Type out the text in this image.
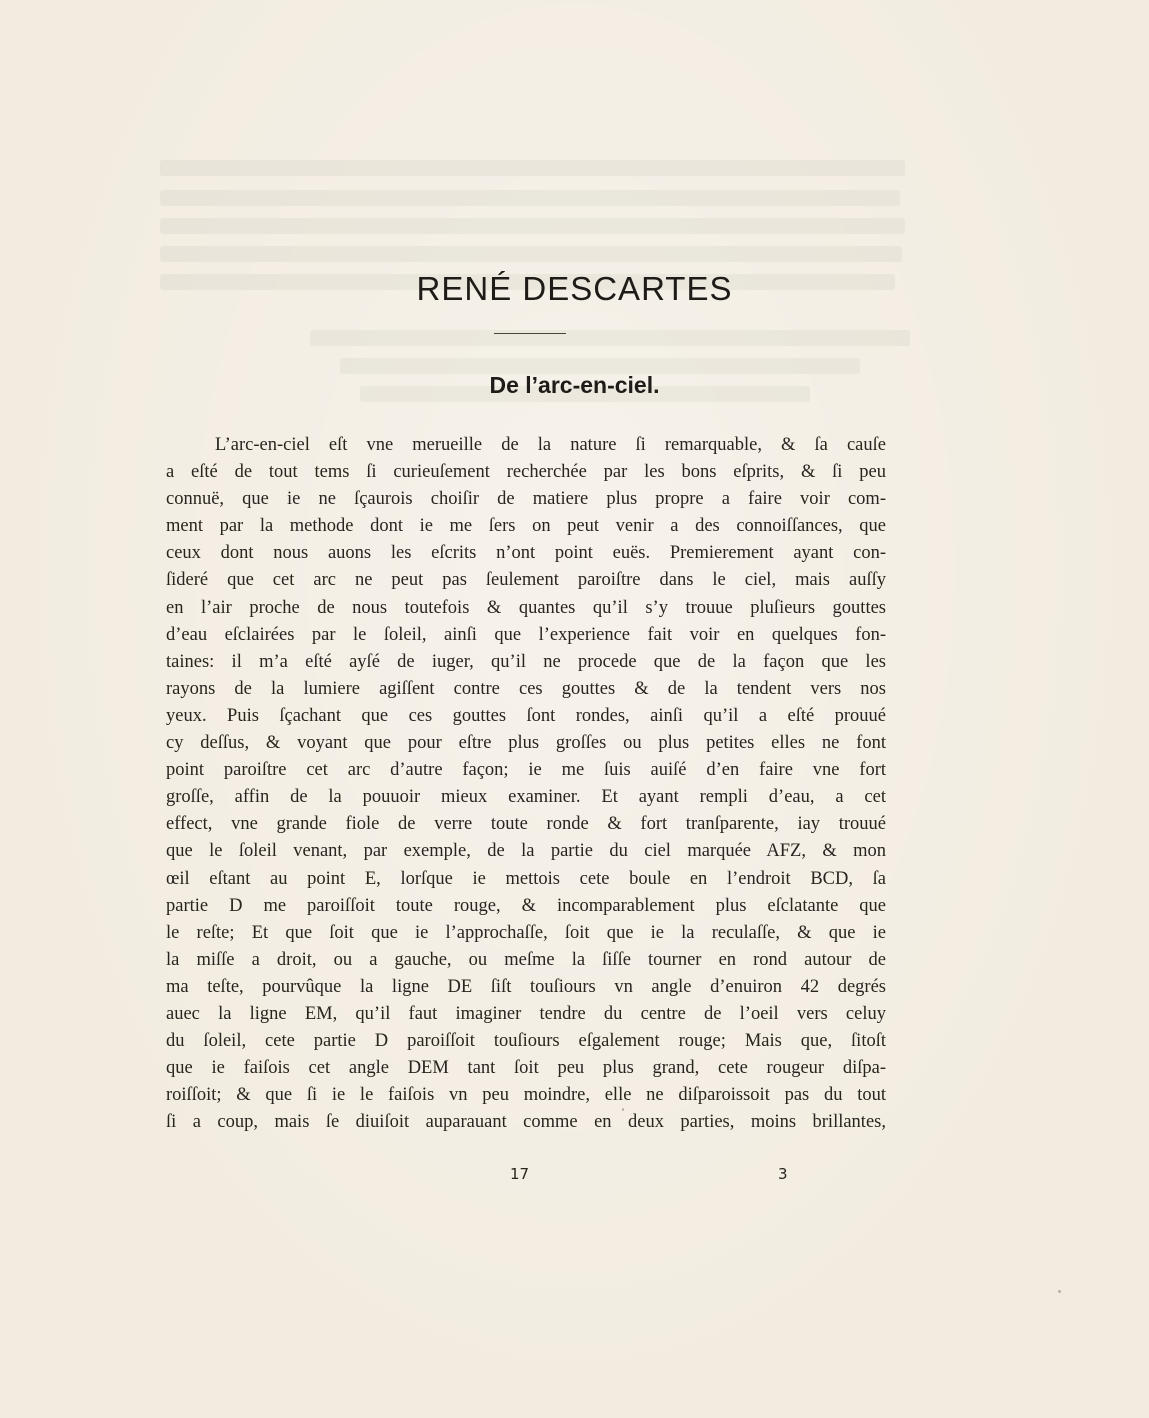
RENÉ DESCARTES
De l’arc-en-ciel.
L’arc-en-ciel eſt vne merueille de la nature ſi remarquable, & ſa cauſe
a eſté de tout tems ſi curieuſement recherchée par les bons eſprits, & ſi peu
connuë, que ie ne ſçaurois choiſir de matiere plus propre a faire voir com-
ment par la methode dont ie me ſers on peut venir a des connoiſſances, que
ceux dont nous auons les eſcrits n’ont point euës. Premierement ayant con-
ſideré que cet arc ne peut pas ſeulement paroiſtre dans le ciel, mais auſſy
en l’air proche de nous toutefois & quantes qu’il s’y trouue pluſieurs gouttes
d’eau eſclairées par le ſoleil, ainſi que l’experience fait voir en quelques fon-
taines: il m’a eſté ayſé de iuger, qu’il ne procede que de la façon que les
rayons de la lumiere agiſſent contre ces gouttes & de la tendent vers nos
yeux. Puis ſçachant que ces gouttes ſont rondes, ainſi qu’il a eſté prouué
cy deſſus, & voyant que pour eſtre plus groſſes ou plus petites elles ne font
point paroiſtre cet arc d’autre façon; ie me ſuis auiſé d’en faire vne fort
groſſe, affin de la pouuoir mieux examiner. Et ayant rempli d’eau, a cet
effect, vne grande fiole de verre toute ronde & fort tranſparente, iay trouué
que le ſoleil venant, par exemple, de la partie du ciel marquée AFZ, & mon
œil eſtant au point E, lorſque ie mettois cete boule en l’endroit BCD, ſa
partie D me paroiſſoit toute rouge, & incomparablement plus eſclatante que
le reſte; Et que ſoit que ie l’approchaſſe, ſoit que ie la reculaſſe, & que ie
la miſſe a droit, ou a gauche, ou meſme la ſiſſe tourner en rond autour de
ma teſte, pourvûque la ligne DE ſiſt touſiours vn angle d’enuiron 42 degrés
auec la ligne EM, qu’il faut imaginer tendre du centre de l’oeil vers celuy
du ſoleil, cete partie D paroiſſoit touſiours eſgalement rouge; Mais que, ſitoſt
que ie faiſois cet angle DEM tant ſoit peu plus grand, cete rougeur diſpa-
roiſſoit; & que ſi ie le faiſois vn peu moindre, elle ne diſparoissoit pas du tout
ſi a coup, mais ſe diuiſoit auparauant comme en deux parties, moins brillantes,
17	3
